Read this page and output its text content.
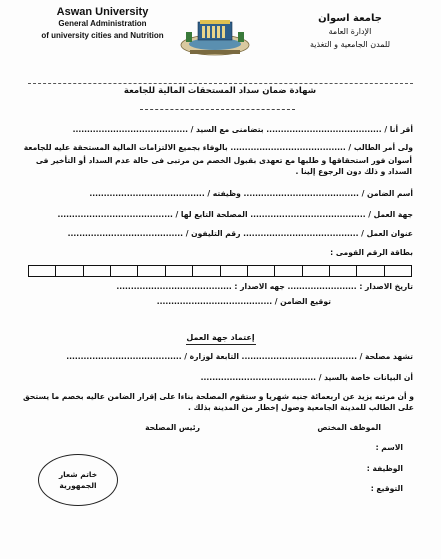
Aswan University
General Administration
of university cities and Nutrition
جامعة اسوان
الإدارة العامة
للمدن الجامعية و التغذية
شهادة ضمان سداد المستحقات المالية للجامعة
أقر أنا / ........................................ بتضامنى مع السيد / ........................................
ولى أمر الطالب / ........................................ بالوفاء بجميع الالتزامات المالية المستحقة عليه للجامعة
أسوان فور استحقاقها و طلبها مع تعهدى بقبول الخصم من مرتبى فى حالة عدم السداد أو التأخير فى السداد و ذلك دون الرجوع إلينا .
أسم الضامن / ........................................ وظيفته / ........................................
جهة العمل / ........................................ المصلحة التابع لها / ........................................
عنوان العمل / ........................................ رقم التليفون / ........................................
بطاقة الرقم القومى :
تاريخ الاصدار : ........................ جهه الاصدار : ........................................
توقيع الضامن / ........................................
إعتماد جهة العمل
تشهد مصلحة / ........................................ التابعة لوزارة / ........................................
أن البيانات خاصة بالسيد / ........................................
و أن مرتبه يزيد عن اربعمائة جنيه شهريا و ستقوم المصلحة بناءا على إقرار الضامن عاليه بخصم ما يستحق على الطالب للمدينة الجامعية وصول إخطار من المدينة بذلك .
الموظف المختص
رئيس المصلحة
الاسم :
الوظيفة :
التوقيع :
خاتم شعار
الجمهورية
